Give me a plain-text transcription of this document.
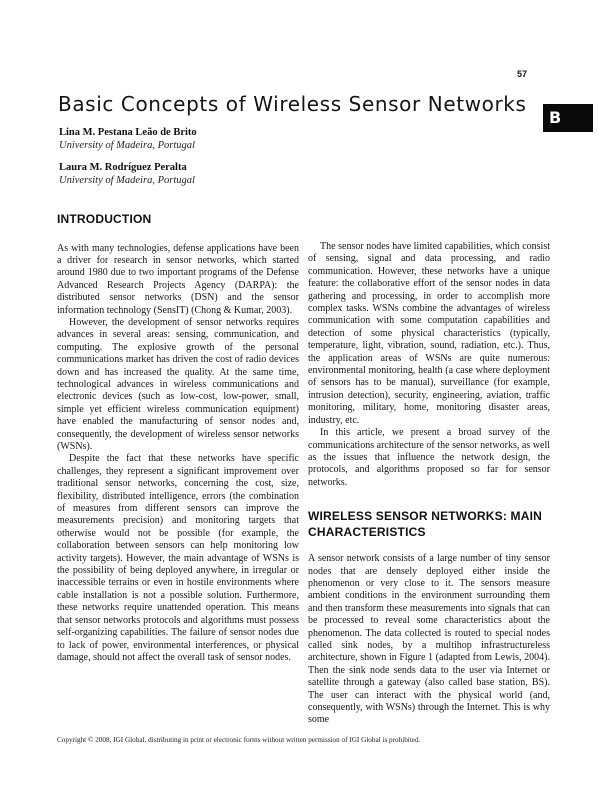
57
Basic Concepts of Wireless Sensor Networks
B
Lina M. Pestana Leão de Brito
University of Madeira, Portugal
Laura M. Rodríguez Peralta
University of Madeira, Portugal
INTRODUCTION

As with many technologies, defense applications have been a driver for research in sensor networks, which started around 1980 due to two important programs of the Defense Advanced Research Projects Agency (DARPA): the distributed sensor networks (DSN) and the sensor information technology (SensIT) (Chong & Kumar, 2003).

However, the development of sensor networks requires advances in several areas: sensing, communication, and computing. The explosive growth of the personal communications market has driven the cost of radio devices down and has increased the quality. At the same time, technological advances in wireless communications and electronic devices (such as low-cost, low-power, small, simple yet efficient wireless communication equipment) have enabled the manufacturing of sensor nodes and, consequently, the development of wireless sensor networks (WSNs).

Despite the fact that these networks have specific challenges, they represent a significant improvement over traditional sensor networks, concerning the cost, size, flexibility, distributed intelligence, errors (the combination of measures from different sensors can improve the measurements precision) and monitoring targets that otherwise would not be possible (for example, the collaboration between sensors can help monitoring low activity targets). However, the main advantage of WSNs is the possibility of being deployed anywhere, in irregular or inaccessible terrains or even in hostile environments where cable installation is not a possible solution. Furthermore, these networks require unattended operation. This means that sensor networks protocols and algorithms must possess self-organizing capabilities. The failure of sensor nodes due to lack of power, environmental interferences, or physical damage, should not affect the overall task of sensor nodes.

The sensor nodes have limited capabilities, which consist of sensing, signal and data processing, and radio communication. However, these networks have a unique feature: the collaborative effort of the sensor nodes in data gathering and processing, in order to accomplish more complex tasks. WSNs combine the advantages of wireless communication with some computation capabilities and detection of some physical characteristics (typically, temperature, light, vibration, sound, radiation, etc.). Thus, the application areas of WSNs are quite numerous: environmental monitoring, health (a case where deployment of sensors has to be manual), surveillance (for example, intrusion detection), security, engineering, aviation, traffic monitoring, military, home, monitoring disaster areas, industry, etc.

In this article, we present a broad survey of the communications architecture of the sensor networks, as well as the issues that influence the network design, the protocols, and algorithms proposed so far for sensor networks.

WIRELESS SENSOR NETWORKS: MAIN CHARACTERISTICS

A sensor network consists of a large number of tiny sensor nodes that are densely deployed either inside the phenomenon or very close to it. The sensors measure ambient conditions in the environment surrounding them and then transform these measurements into signals that can be processed to reveal some characteristics about the phenomenon. The data collected is routed to special nodes called sink nodes, by a multihop infrastructureless architecture, shown in Figure 1 (adapted from Lewis, 2004). Then the sink node sends data to the user via Internet or satellite through a gateway (also called base station, BS). The user can interact with the physical world (and, consequently, with WSNs) through the Internet. This is why some

Copyright © 2008, IGI Global, distributing in print or electronic forms without written permission of IGI Global is prohibited.
